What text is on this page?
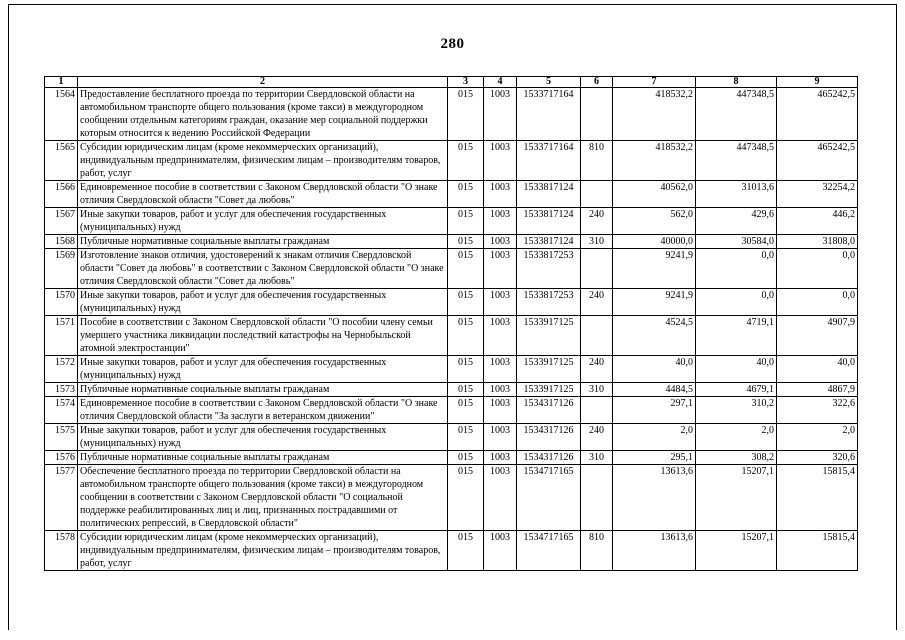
280
1	2	3	4	5	6	7	8	9
1564	Предоставление бесплатного проезда по территории Свердловской области на автомобильном транспорте общего пользования (кроме такси) в междугородном сообщении отдельным категориям граждан, оказание мер социальной поддержки которым относится к ведению Российской Федерации	015	1003	1533717164		418532,2	447348,5	465242,5
1565	Субсидии юридическим лицам (кроме некоммерческих организаций), индивидуальным предпринимателям, физическим лицам – производителям товаров, работ, услуг	015	1003	1533717164	810	418532,2	447348,5	465242,5
1566	Единовременное пособие в соответствии с Законом Свердловской области "О знаке отличия Свердловской области "Совет да любовь"	015	1003	1533817124		40562,0	31013,6	32254,2
1567	Иные закупки товаров, работ и услуг для обеспечения государственных (муниципальных) нужд	015	1003	1533817124	240	562,0	429,6	446,2
1568	Публичные нормативные социальные выплаты гражданам	015	1003	1533817124	310	40000,0	30584,0	31808,0
1569	Изготовление знаков отличия, удостоверений к знакам отличия Свердловской области "Совет да любовь" в соответствии с Законом Свердловской области "О знаке отличия Свердловской области "Совет да любовь"	015	1003	1533817253		9241,9	0,0	0,0
1570	Иные закупки товаров, работ и услуг для обеспечения государственных (муниципальных) нужд	015	1003	1533817253	240	9241,9	0,0	0,0
1571	Пособие в соответствии с Законом Свердловской области "О пособии члену семьи умершего участника ликвидации последствий катастрофы на Чернобыльской атомной электростанции"	015	1003	1533917125		4524,5	4719,1	4907,9
1572	Иные закупки товаров, работ и услуг для обеспечения государственных (муниципальных) нужд	015	1003	1533917125	240	40,0	40,0	40,0
1573	Публичные нормативные социальные выплаты гражданам	015	1003	1533917125	310	4484,5	4679,1	4867,9
1574	Единовременное пособие в соответствии с Законом Свердловской области "О знаке отличия Свердловской области "За заслуги в ветеранском движении"	015	1003	1534317126		297,1	310,2	322,6
1575	Иные закупки товаров, работ и услуг для обеспечения государственных (муниципальных) нужд	015	1003	1534317126	240	2,0	2,0	2,0
1576	Публичные нормативные социальные выплаты гражданам	015	1003	1534317126	310	295,1	308,2	320,6
1577	Обеспечение бесплатного проезда по территории Свердловской области на автомобильном транспорте общего пользования (кроме такси) в междугородном сообщении в соответствии с Законом Свердловской области "О социальной поддержке реабилитированных лиц и лиц, признанных пострадавшими от политических репрессий, в Свердловской области"	015	1003	1534717165		13613,6	15207,1	15815,4
1578	Субсидии юридическим лицам (кроме некоммерческих организаций), индивидуальным предпринимателям, физическим лицам – производителям товаров, работ, услуг	015	1003	1534717165	810	13613,6	15207,1	15815,4
